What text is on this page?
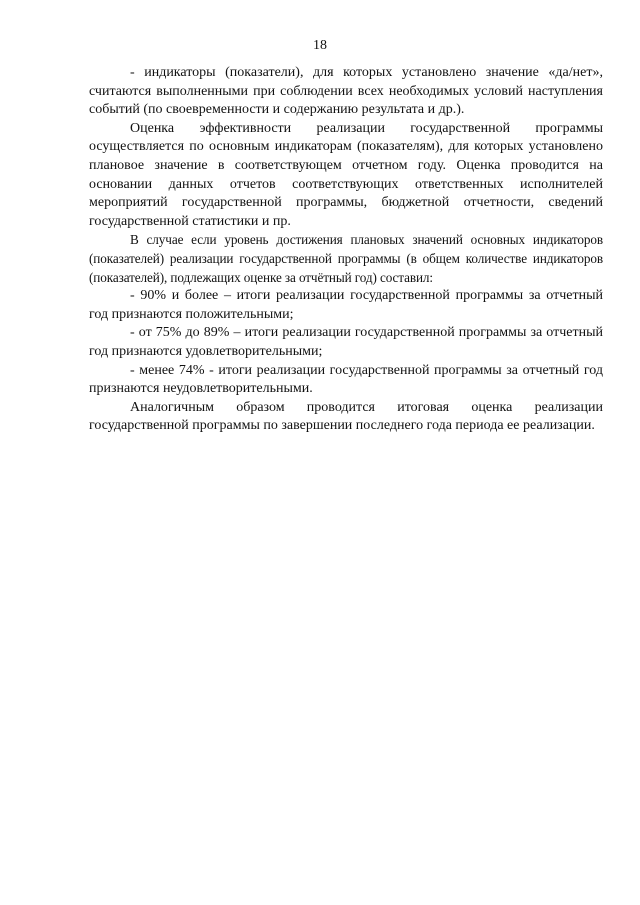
18

- индикаторы (показатели), для которых установлено значение «да/нет», считаются выполненными при соблюдении всех необходимых условий наступления событий (по своевременности и содержанию результата и др.).

Оценка эффективности реализации государственной программы осуществляется по основным индикаторам (показателям), для которых установлено плановое значение в соответствующем отчетном году. Оценка проводится на основании данных отчетов соответствующих ответственных исполнителей мероприятий государственной программы, бюджетной отчетности, сведений государственной статистики и пр.

В случае если уровень достижения плановых значений основных индикаторов (показателей) реализации государственной программы (в общем количестве индикаторов (показателей), подлежащих оценке за отчётный год) составил:

- 90% и более – итоги реализации государственной программы за отчетный год признаются положительными;

- от 75% до 89% – итоги реализации государственной программы за отчетный год признаются удовлетворительными;

- менее 74% - итоги реализации государственной программы за отчетный год признаются неудовлетворительными.

Аналогичным образом проводится итоговая оценка реализации государственной программы по завершении последнего года периода ее реализации.
